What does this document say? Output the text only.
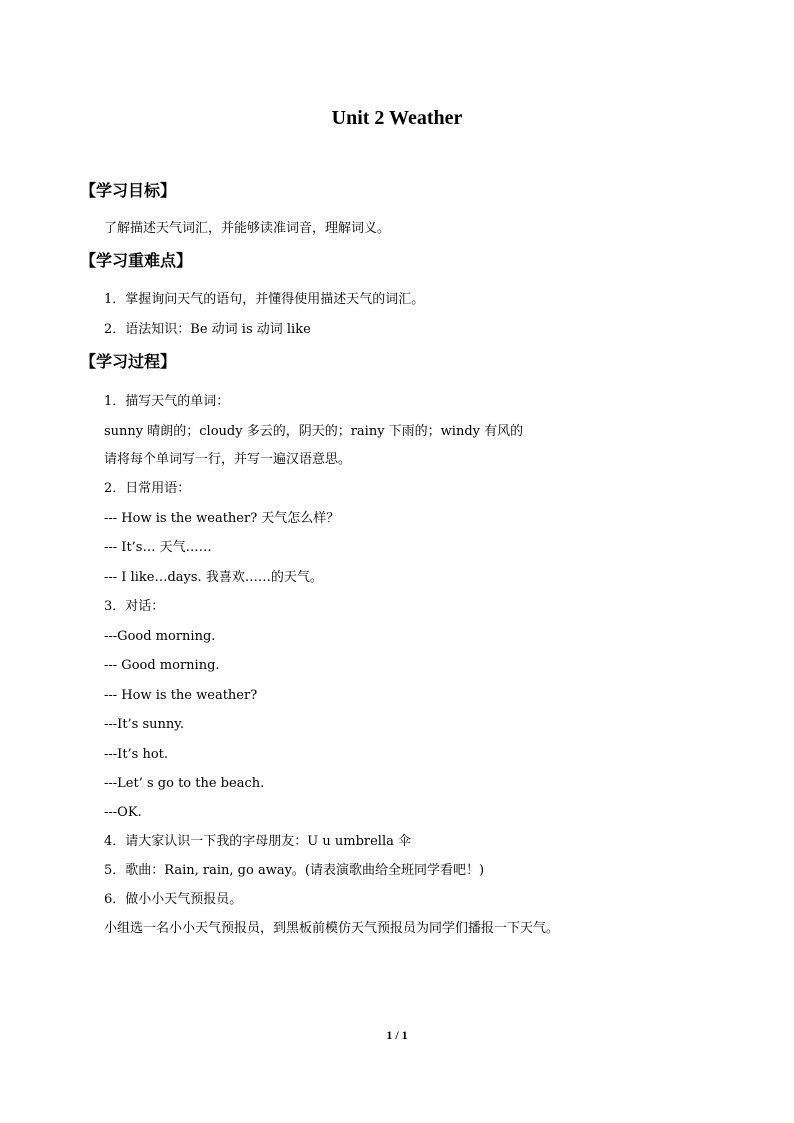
Unit 2 Weather
【学习目标】
了解描述天气词汇，并能够读准词音，理解词义。
【学习重难点】
1．掌握询问天气的语句，并懂得使用描述天气的词汇。
2．语法知识：Be 动词 is 动词 like
【学习过程】
1．描写天气的单词：
sunny 晴朗的；cloudy 多云的，阴天的；rainy 下雨的；windy 有风的
请将每个单词写一行，并写一遍汉语意思。
2．日常用语：
--- How is the weather? 天气怎么样？
--- It’s… 天气……
--- I like…days. 我喜欢……的天气。
3．对话：
---Good morning.
--- Good morning.
--- How is the weather?
---It’s sunny.
---It’s hot.
---Let’ s go to the beach.
---OK.
4．请大家认识一下我的字母朋友：U u umbrella 伞
5．歌曲：Rain, rain, go away。(请表演歌曲给全班同学看吧！)
6．做小小天气预报员。
小组选一名小小天气预报员，到黑板前模仿天气预报员为同学们播报一下天气。
1 / 1
